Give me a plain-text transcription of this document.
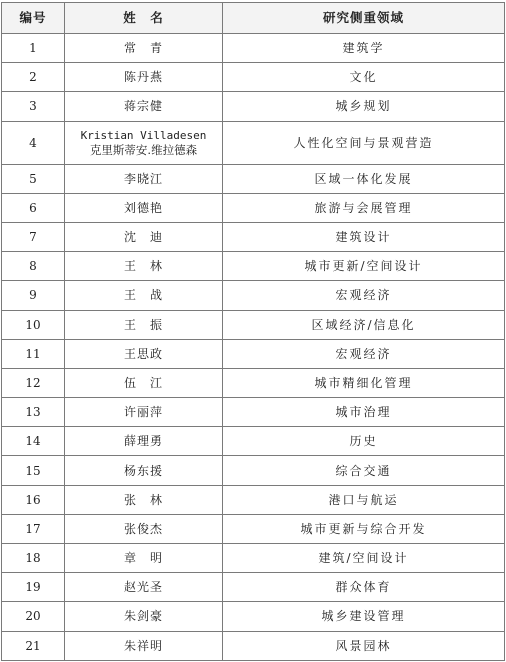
编号	姓　名	研究侧重领域
1	常　青	建筑学
2	陈丹燕	文化
3	蒋宗健	城乡规划
4	Kristian Villadesen
克里斯蒂安.维拉德森	人性化空间与景观营造
5	李晓江	区域一体化发展
6	刘德艳	旅游与会展管理
7	沈　迪	建筑设计
8	王　林	城市更新/空间设计
9	王　战	宏观经济
10	王　振	区域经济/信息化
11	王思政	宏观经济
12	伍　江	城市精细化管理
13	许丽萍	城市治理
14	薛理勇	历史
15	杨东援	综合交通
16	张　林	港口与航运
17	张俊杰	城市更新与综合开发
18	章　明	建筑/空间设计
19	赵光圣	群众体育
20	朱剑豪	城乡建设管理
21	朱祥明	风景园林
